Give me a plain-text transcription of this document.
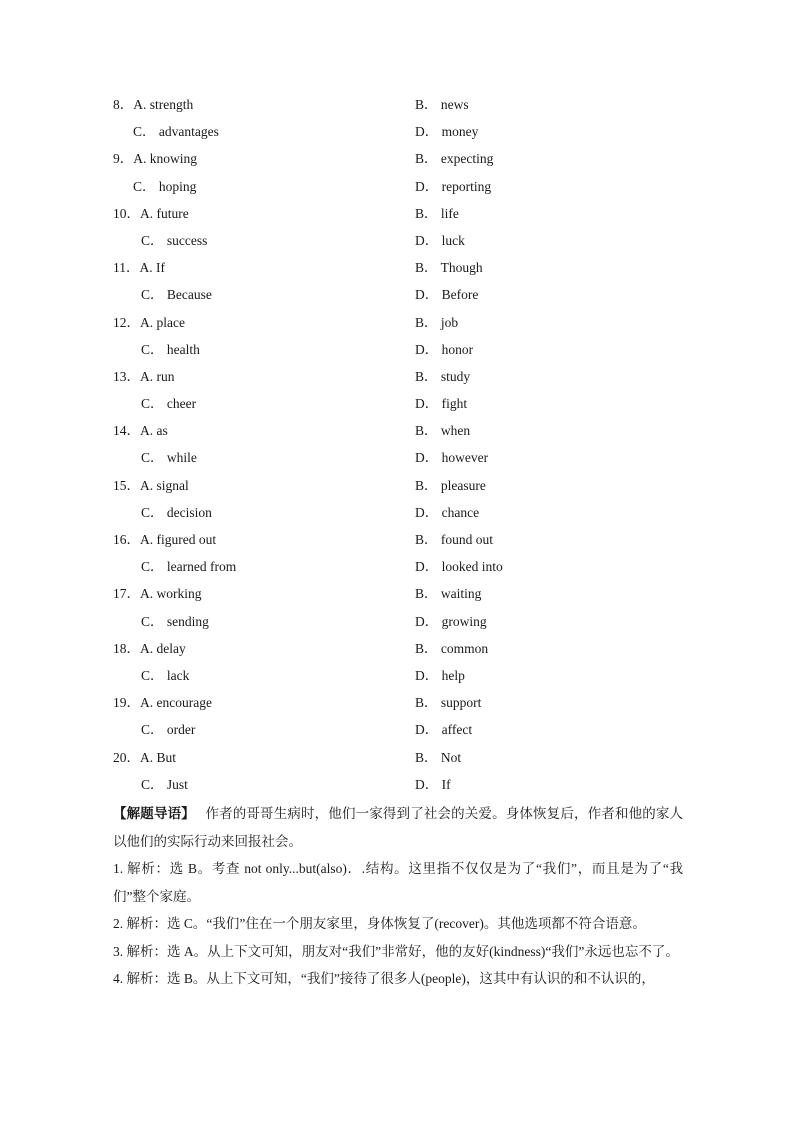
8．A. strength	B． news
C． advantages	D． money
9．A. knowing	B． expecting
C． hoping	D． reporting
10．A. future	B． life
C． success	D． luck
11．A. If	B． Though
C． Because	D． Before
12．A. place	B． job
C． health	D． honor
13．A. run	B． study
C． cheer	D． fight
14．A. as	B． when
C． while	D． however
15．A. signal	B． pleasure
C． decision	D． chance
16．A. figured out	B． found out
C． learned from	D． looked into
17．A. working	B． waiting
C． sending	D． growing
18．A. delay	B． common
C． lack	D． help
19．A. encourage	B． support
C． order	D． affect
20．A. But	B． Not
C． Just	D． If

【解题导语】 作者的哥哥生病时，他们一家得到了社会的关爱。身体恢复后，作者和他的家人以他们的实际行动来回报社会。

1. 解析：选 B。考查 not only...but(also)．.结构。这里指不仅仅是为了“我们”，而且是为了“我们”整个家庭。

2. 解析：选 C。“我们”住在一个朋友家里，身体恢复了(recover)。其他选项都不符合语意。

3. 解析：选 A。从上下文可知，朋友对“我们”非常好，他的友好(kindness)“我们”永远也忘不了。

4. 解析：选 B。从上下文可知，“我们”接待了很多人(people)，这其中有认识的和不认识的，
